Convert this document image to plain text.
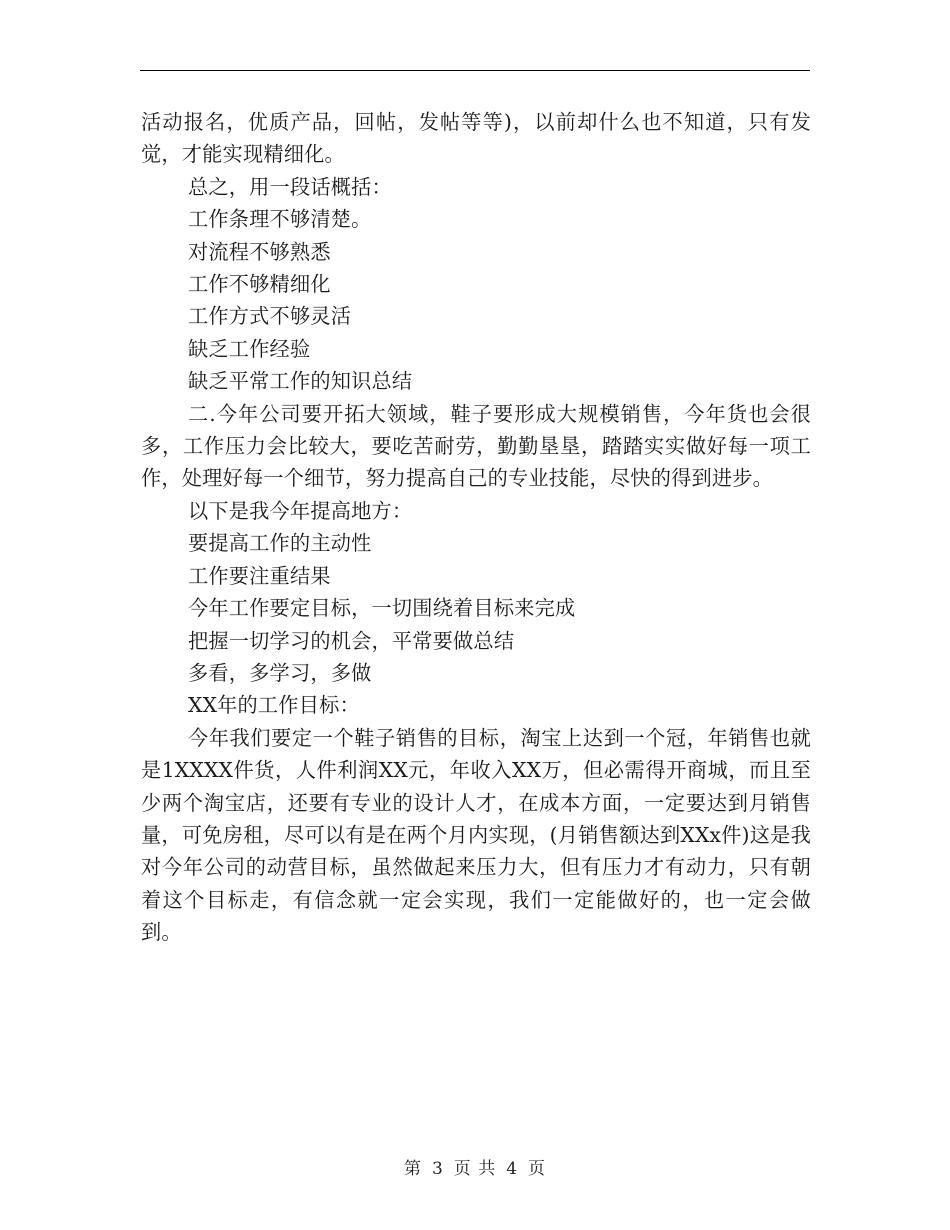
活动报名，优质产品，回帖，发帖等等)，以前却什么也不知道，只有发觉，才能实现精细化。

总之，用一段话概括：

工作条理不够清楚。

对流程不够熟悉

工作不够精细化

工作方式不够灵活

缺乏工作经验

缺乏平常工作的知识总结

二.今年公司要开拓大领域，鞋子要形成大规模销售，今年货也会很多，工作压力会比较大，要吃苦耐劳，勤勤垦垦，踏踏实实做好每一项工作，处理好每一个细节，努力提高自己的专业技能，尽快的得到进步。

以下是我今年提高地方：

要提高工作的主动性

工作要注重结果

今年工作要定目标，一切围绕着目标来完成

把握一切学习的机会，平常要做总结

多看，多学习，多做

XX年的工作目标：

今年我们要定一个鞋子销售的目标，淘宝上达到一个冠，年销售也就是1XXXX件货，人件利润XX元，年收入XX万，但必需得开商城，而且至少两个淘宝店，还要有专业的设计人才，在成本方面，一定要达到月销售量，可免房租，尽可以有是在两个月内实现，(月销售额达到XXx件)这是我对今年公司的动营目标，虽然做起来压力大，但有压力才有动力，只有朝着这个目标走，有信念就一定会实现，我们一定能做好的，也一定会做到。

第 3 页 共 4 页
